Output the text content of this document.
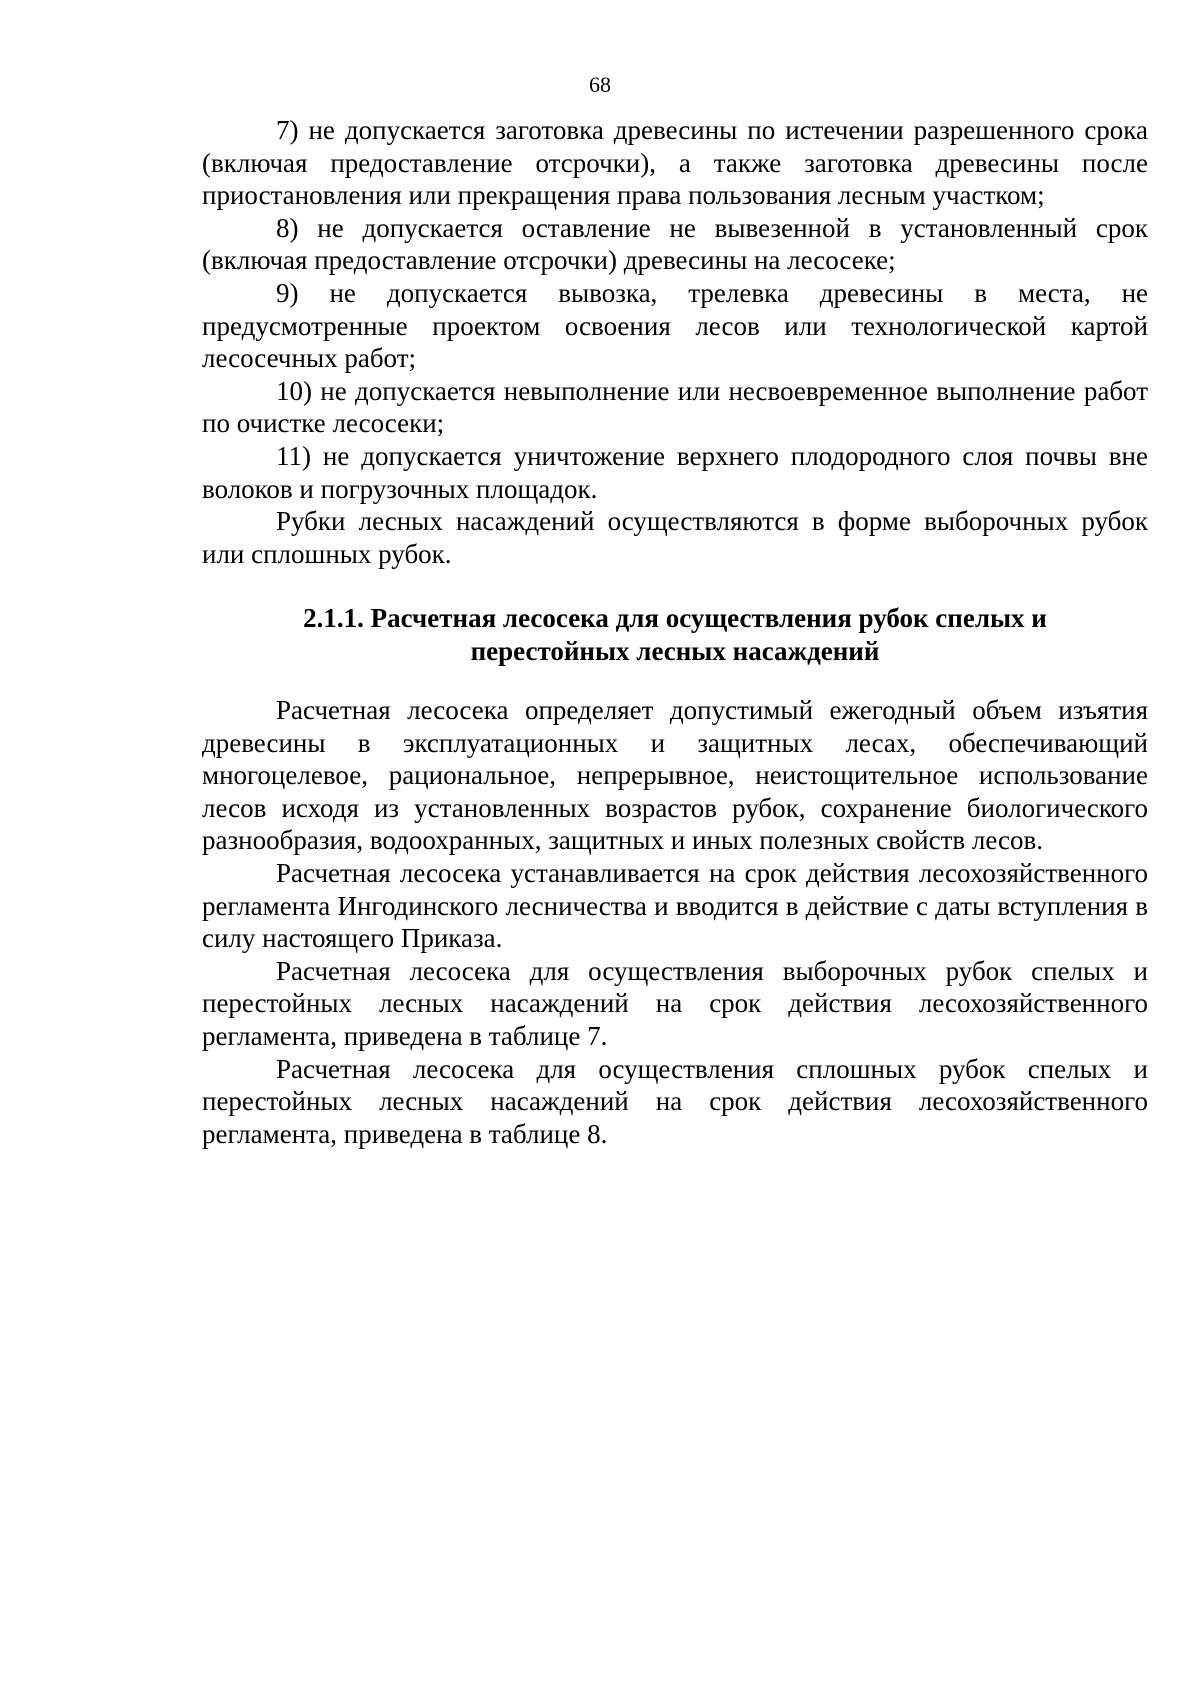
68

7) не допускается заготовка древесины по истечении разрешенного срока (включая предоставление отсрочки), а также заготовка древесины после приостановления или прекращения права пользования лесным участком;

8) не допускается оставление не вывезенной в установленный срок (включая предоставление отсрочки) древесины на лесосеке;

9) не допускается вывозка, трелевка древесины в места, не предусмотренные проектом освоения лесов или технологической картой лесосечных работ;

10) не допускается невыполнение или несвоевременное выполнение работ по очистке лесосеки;

11) не допускается уничтожение верхнего плодородного слоя почвы вне волоков и погрузочных площадок.

Рубки лесных насаждений осуществляются в форме выборочных рубок или сплошных рубок.

2.1.1. Расчетная лесосека для осуществления рубок спелых и
перестойных лесных насаждений

Расчетная лесосека определяет допустимый ежегодный объем изъятия древесины в эксплуатационных и защитных лесах, обеспечивающий многоцелевое, рациональное, непрерывное, неистощительное использование лесов исходя из установленных возрастов рубок, сохранение биологического разнообразия, водоохранных, защитных и иных полезных свойств лесов.

Расчетная лесосека устанавливается на срок действия лесохозяйственного регламента Ингодинского лесничества и вводится в действие с даты вступления в силу настоящего Приказа.

Расчетная лесосека для осуществления выборочных рубок спелых и перестойных лесных насаждений на срок действия лесохозяйственного регламента, приведена в таблице 7.

Расчетная лесосека для осуществления сплошных рубок спелых и перестойных лесных насаждений на срок действия лесохозяйственного регламента, приведена в таблице 8.
